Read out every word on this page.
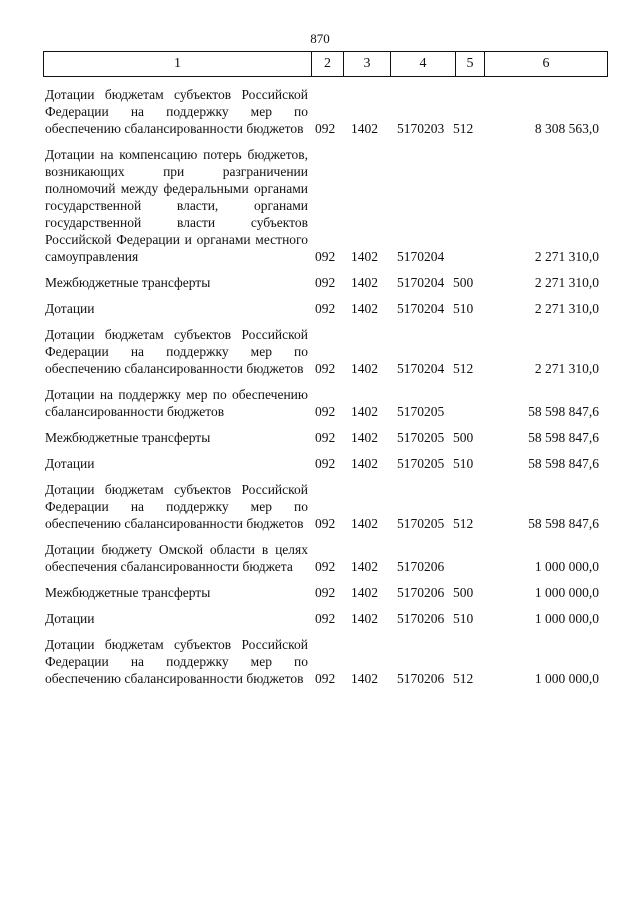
870
1	2	3	4	5	6
Дотации бюджетам субъектов Российской Федерации на поддержку мер по обеспечению сбалансированности бюджетов 092 1402 5170203 512	8 308 563,0
Дотации на компенсацию потерь бюджетов, возникающих при разграничении полномочий между федеральными органами государственной власти, органами государственной власти субъектов Российской Федерации и органами местного самоуправления	092 1402 5170204	2 271 310,0
Межбюджетные трансферты	092 1402 5170204 500	2 271 310,0
Дотации	092 1402 5170204 510	2 271 310,0
Дотации бюджетам субъектов Российской Федерации на поддержку мер по обеспечению сбалансированности бюджетов 092 1402 5170204 512	2 271 310,0
Дотации на поддержку мер по обеспечению сбалансированности бюджетов	092 1402 5170205	58 598 847,6
Межбюджетные трансферты	092 1402 5170205 500	58 598 847,6
Дотации	092 1402 5170205 510	58 598 847,6
Дотации бюджетам субъектов Российской Федерации на поддержку мер по обеспечению сбалансированности бюджетов 092 1402 5170205 512	58 598 847,6
Дотации бюджету Омской области в целях обеспечения сбалансированности бюджета	092 1402 5170206	1 000 000,0
Межбюджетные трансферты	092 1402 5170206 500	1 000 000,0
Дотации	092 1402 5170206 510	1 000 000,0
Дотации бюджетам субъектов Российской Федерации на поддержку мер по обеспечению сбалансированности бюджетов 092 1402 5170206 512	1 000 000,0
